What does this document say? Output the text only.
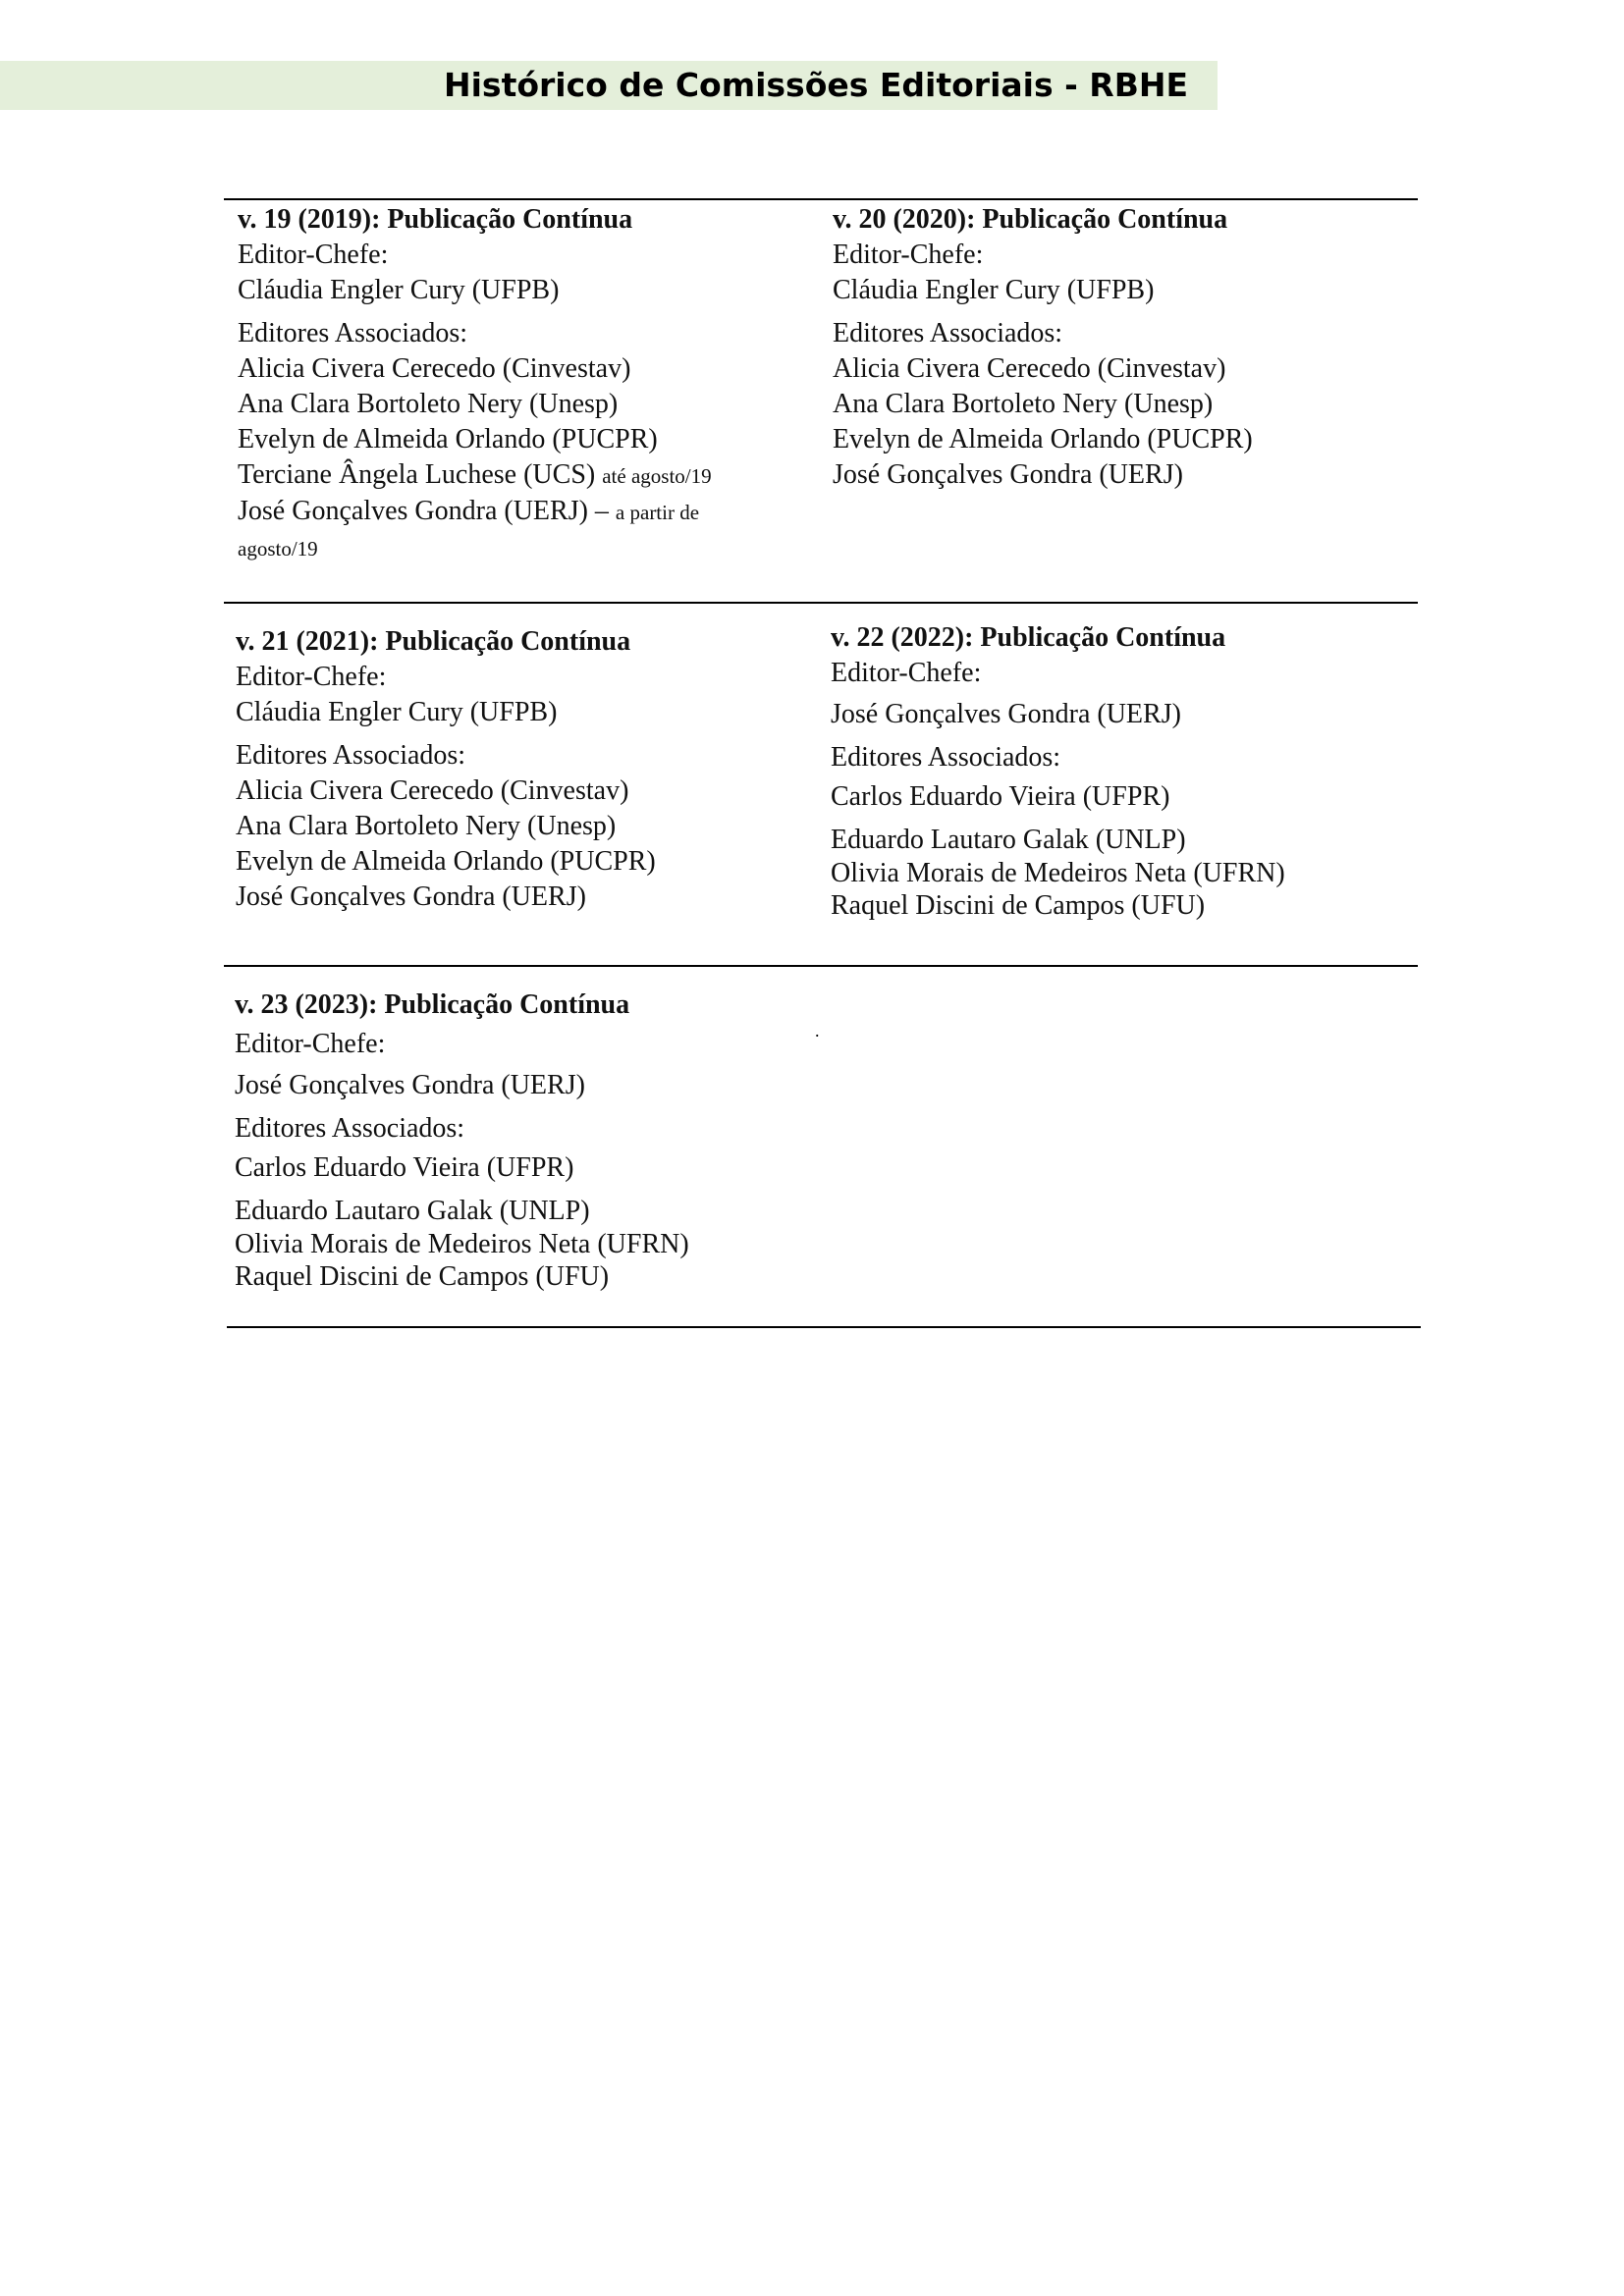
Histórico de Comissões Editoriais - RBHE
v. 19 (2019): Publicação Contínua
Editor-Chefe:
Cláudia Engler Cury (UFPB)
Editores Associados:
Alicia Civera Cerecedo (Cinvestav)
Ana Clara Bortoleto Nery (Unesp)
Evelyn de Almeida Orlando (PUCPR)
Terciane Ângela Luchese (UCS) até agosto/19
José Gonçalves Gondra (UERJ) – a partir de agosto/19
v. 20 (2020): Publicação Contínua
Editor-Chefe:
Cláudia Engler Cury (UFPB)
Editores Associados:
Alicia Civera Cerecedo (Cinvestav)
Ana Clara Bortoleto Nery (Unesp)
Evelyn de Almeida Orlando (PUCPR)
José Gonçalves Gondra (UERJ)
v. 21 (2021): Publicação Contínua
Editor-Chefe:
Cláudia Engler Cury (UFPB)
Editores Associados:
Alicia Civera Cerecedo (Cinvestav)
Ana Clara Bortoleto Nery (Unesp)
Evelyn de Almeida Orlando (PUCPR)
José Gonçalves Gondra (UERJ)
v. 22 (2022): Publicação Contínua
Editor-Chefe:
José Gonçalves Gondra (UERJ)
Editores Associados:
Carlos Eduardo Vieira (UFPR)
Eduardo Lautaro Galak (UNLP)
Olivia Morais de Medeiros Neta (UFRN)
Raquel Discini de Campos (UFU)
v. 23 (2023): Publicação Contínua
Editor-Chefe:
José Gonçalves Gondra (UERJ)
Editores Associados:
Carlos Eduardo Vieira (UFPR)
Eduardo Lautaro Galak (UNLP)
Olivia Morais de Medeiros Neta (UFRN)
Raquel Discini de Campos (UFU)
.
